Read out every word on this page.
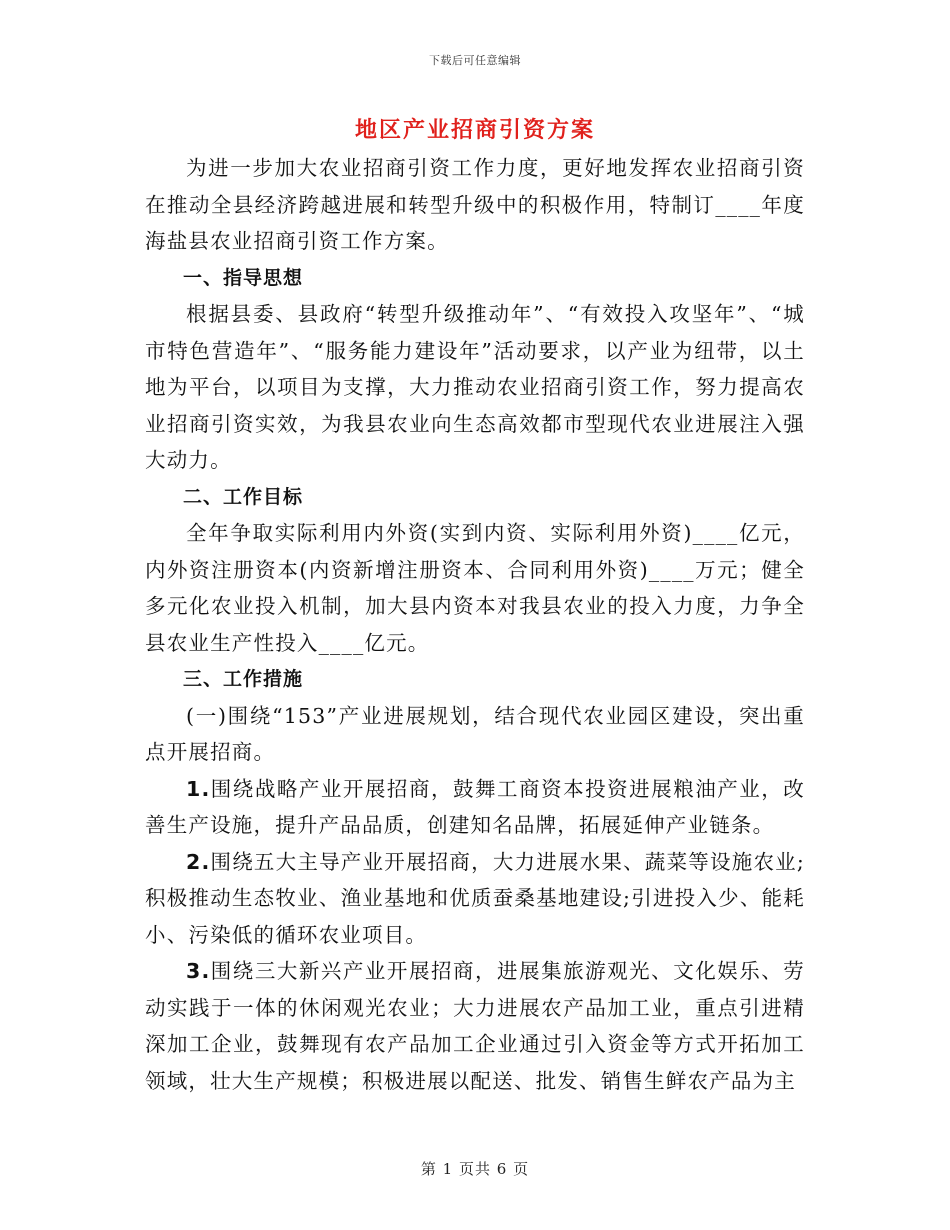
下载后可任意编辑
地区产业招商引资方案

为进一步加大农业招商引资工作力度，更好地发挥农业招商引资在推动全县经济跨越进展和转型升级中的积极作用，特制订____年度海盐县农业招商引资工作方案。

一、指导思想

根据县委、县政府“转型升级推动年”、“有效投入攻坚年”、“城市特色营造年”、“服务能力建设年”活动要求，以产业为纽带，以土地为平台，以项目为支撑，大力推动农业招商引资工作，努力提高农业招商引资实效，为我县农业向生态高效都市型现代农业进展注入强大动力。

二、工作目标

全年争取实际利用内外资(实到内资、实际利用外资)____亿元，内外资注册资本(内资新增注册资本、合同利用外资)____万元；健全多元化农业投入机制，加大县内资本对我县农业的投入力度，力争全县农业生产性投入____亿元。

三、工作措施

(一)围绕“153”产业进展规划，结合现代农业园区建设，突出重点开展招商。

1.围绕战略产业开展招商，鼓舞工商资本投资进展粮油产业，改善生产设施，提升产品品质，创建知名品牌，拓展延伸产业链条。

2.围绕五大主导产业开展招商，大力进展水果、蔬菜等设施农业;积极推动生态牧业、渔业基地和优质蚕桑基地建设;引进投入少、能耗小、污染低的循环农业项目。

3.围绕三大新兴产业开展招商，进展集旅游观光、文化娱乐、劳动实践于一体的休闲观光农业；大力进展农产品加工业，重点引进精深加工企业，鼓舞现有农产品加工企业通过引入资金等方式开拓加工领域，壮大生产规模；积极进展以配送、批发、销售生鲜农产品为主

第 1 页共 6 页
